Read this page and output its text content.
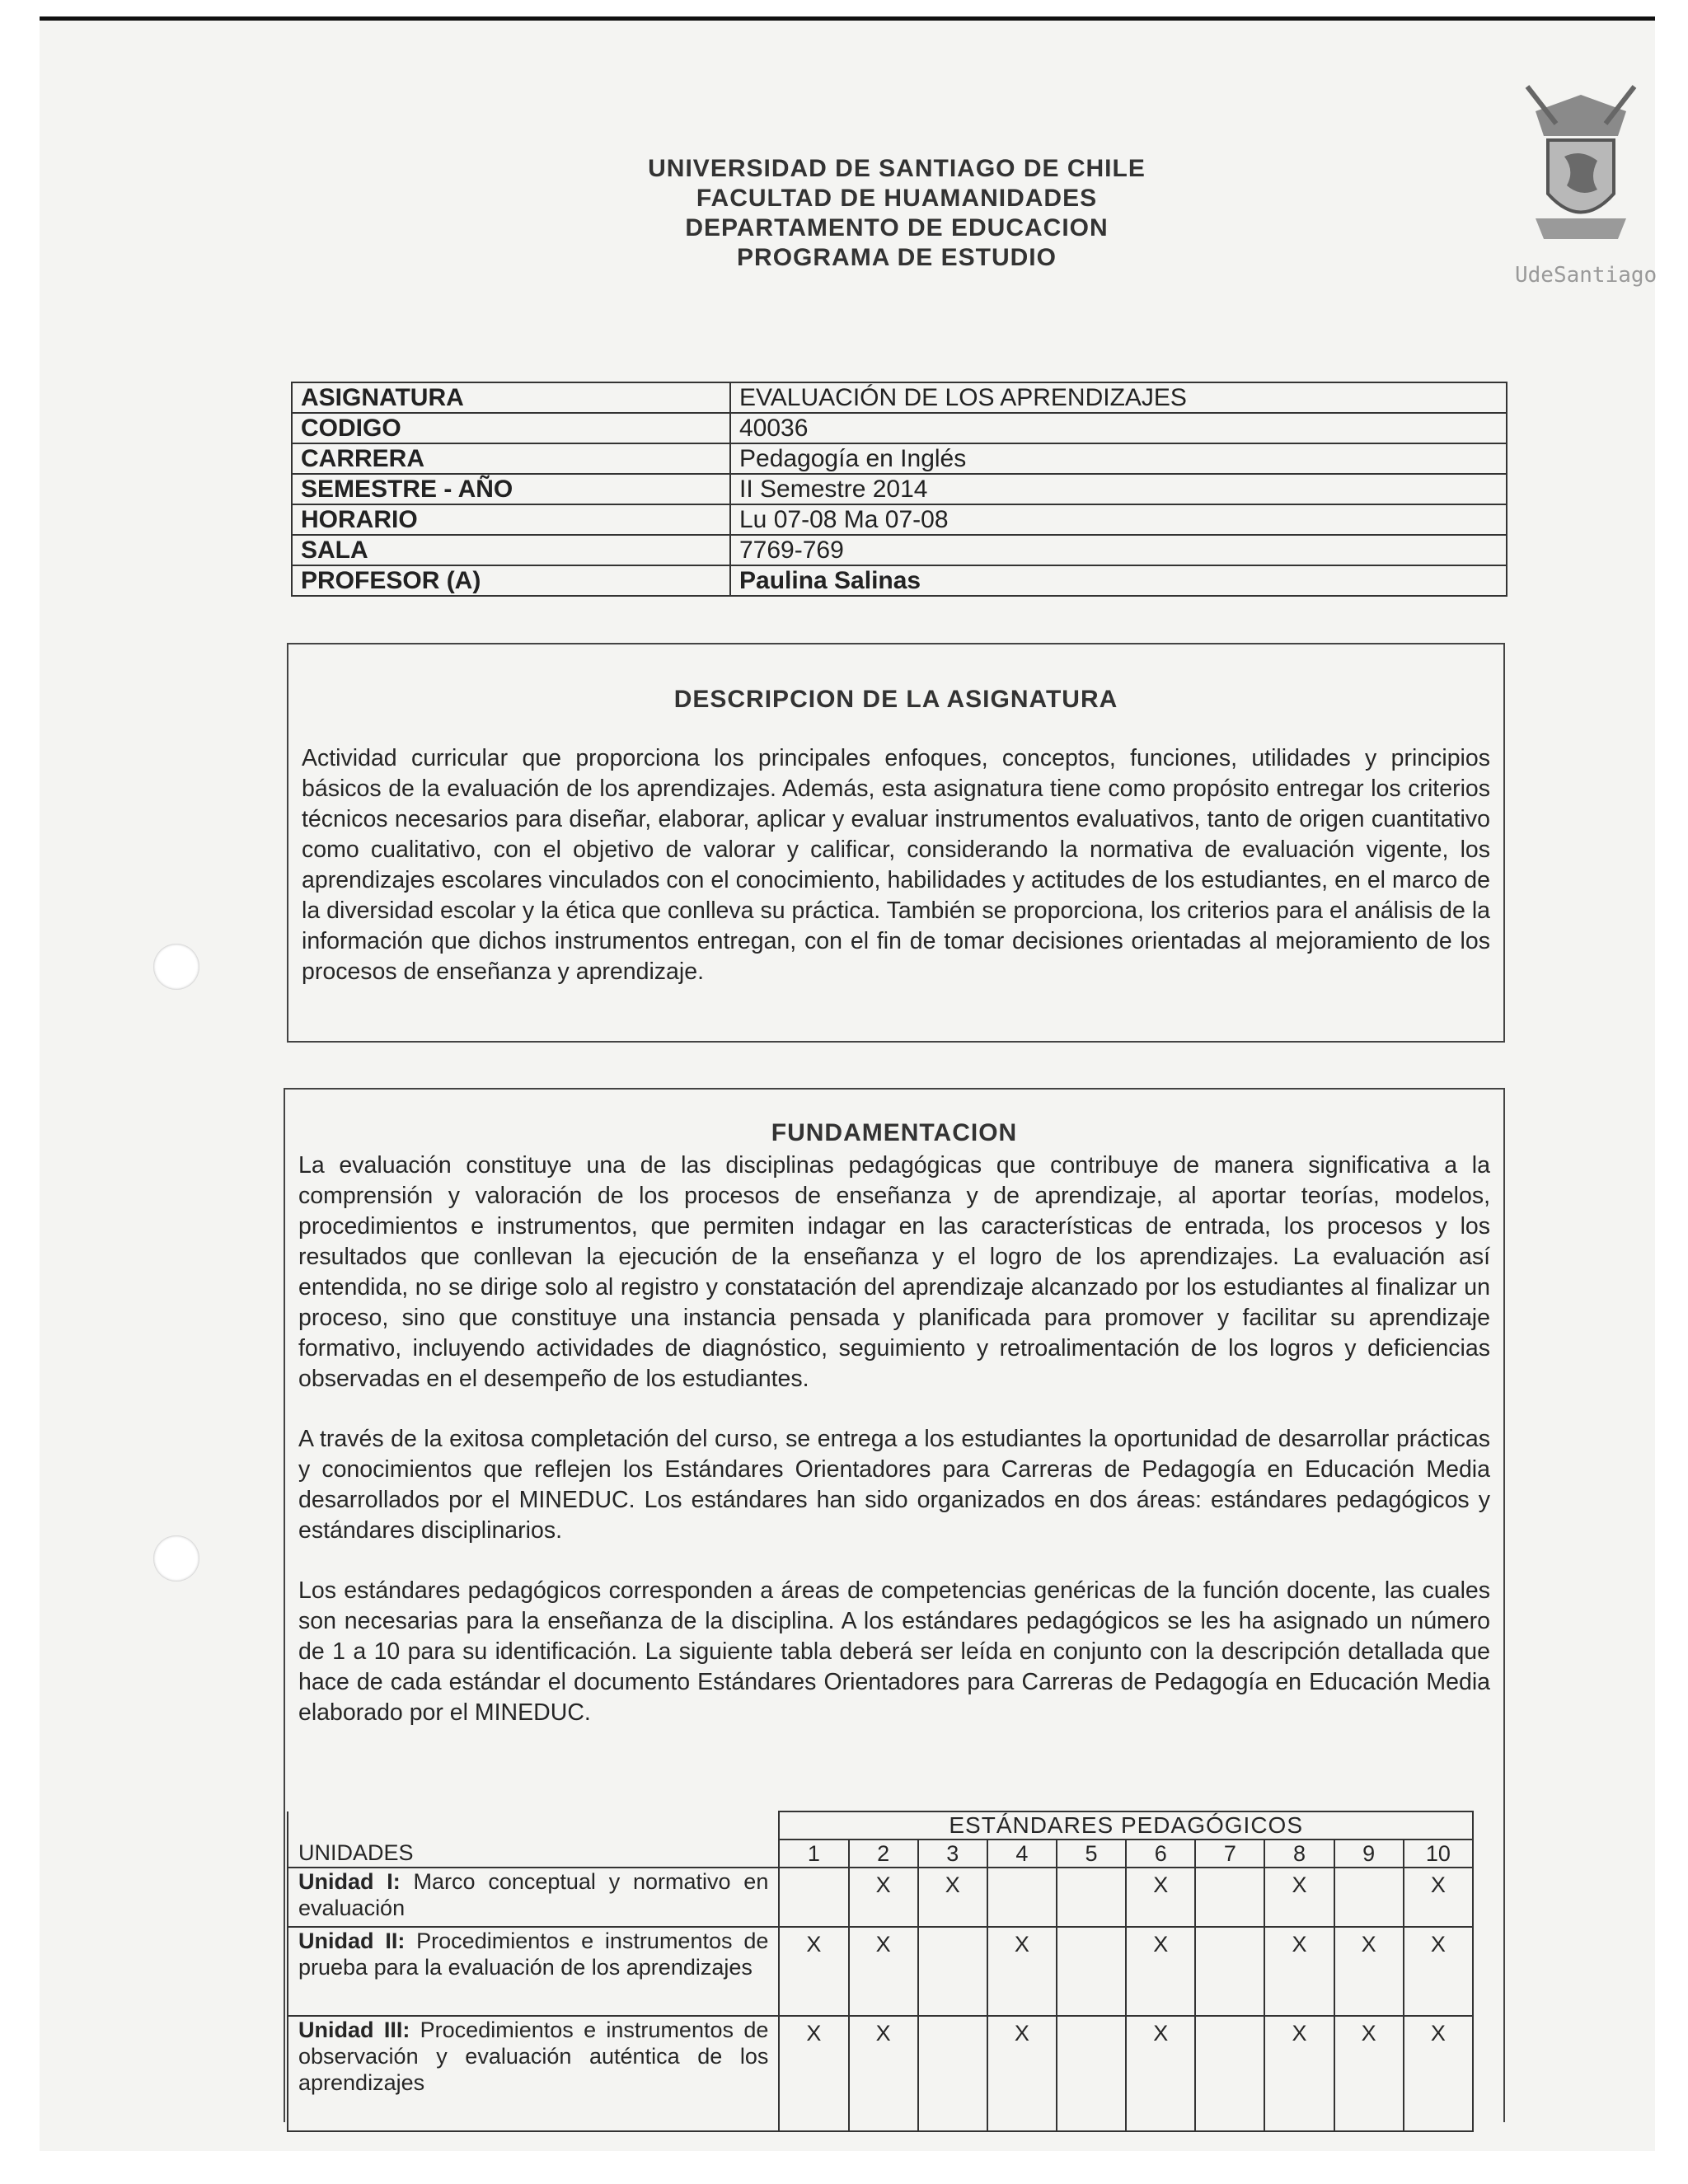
UNIVERSIDAD DE SANTIAGO DE CHILE
FACULTAD DE HUAMANIDADES
DEPARTAMENTO DE EDUCACION
PROGRAMA DE ESTUDIO
UdeSantiago
ASIGNATURA	EVALUACIÓN DE LOS APRENDIZAJES
CODIGO	40036
CARRERA	Pedagogía en Inglés
SEMESTRE - AÑO	II Semestre 2014
HORARIO	Lu 07-08 Ma 07-08
SALA	7769-769
PROFESOR (A)	Paulina Salinas
DESCRIPCION DE LA ASIGNATURA

Actividad curricular que proporciona los principales enfoques, conceptos, funciones, utilidades y principios básicos de la evaluación de los aprendizajes. Además, esta asignatura tiene como propósito entregar los criterios técnicos necesarios para diseñar, elaborar, aplicar y evaluar instrumentos evaluativos, tanto de origen cuantitativo como cualitativo, con el objetivo de valorar y calificar, considerando la normativa de evaluación vigente, los aprendizajes escolares vinculados con el conocimiento, habilidades y actitudes de los estudiantes, en el marco de la diversidad escolar y la ética que conlleva su práctica. También se proporciona, los criterios para el análisis de la información que dichos instrumentos entregan, con el fin de tomar decisiones orientadas al mejoramiento de los procesos de enseñanza y aprendizaje.

FUNDAMENTACION

La evaluación constituye una de las disciplinas pedagógicas que contribuye de manera significativa a la comprensión y valoración de los procesos de enseñanza y de aprendizaje, al aportar teorías, modelos, procedimientos e instrumentos, que permiten indagar en las características de entrada, los procesos y los resultados que conllevan la ejecución de la enseñanza y el logro de los aprendizajes. La evaluación así entendida, no se dirige solo al registro y constatación del aprendizaje alcanzado por los estudiantes al finalizar un proceso, sino que constituye una instancia pensada y planificada para promover y facilitar su aprendizaje formativo, incluyendo actividades de diagnóstico, seguimiento y retroalimentación de los logros y deficiencias observadas en el desempeño de los estudiantes.

A través de la exitosa completación del curso, se entrega a los estudiantes la oportunidad de desarrollar prácticas y conocimientos que reflejen los Estándares Orientadores para Carreras de Pedagogía en Educación Media desarrollados por el MINEDUC. Los estándares han sido organizados en dos áreas: estándares pedagógicos y estándares disciplinarios.

Los estándares pedagógicos corresponden a áreas de competencias genéricas de la función docente, las cuales son necesarias para la enseñanza de la disciplina. A los estándares pedagógicos se les ha asignado un número de 1 a 10 para su identificación. La siguiente tabla deberá ser leída en conjunto con la descripción detallada que hace de cada estándar el documento Estándares Orientadores para Carreras de Pedagogía en Educación Media elaborado por el MINEDUC.

	ESTÁNDARES PEDAGÓGICOS									
UNIDADES	1	2	3	4	5	6	7	8	9	10
Unidad I: Marco conceptual y normativo en evaluación		X	X			X		X		X
Unidad II: Procedimientos e instrumentos de prueba para la evaluación de los aprendizajes	X	X		X		X		X	X	X
Unidad III: Procedimientos e instrumentos de observación y evaluación auténtica de los aprendizajes	X	X		X		X		X	X	X
